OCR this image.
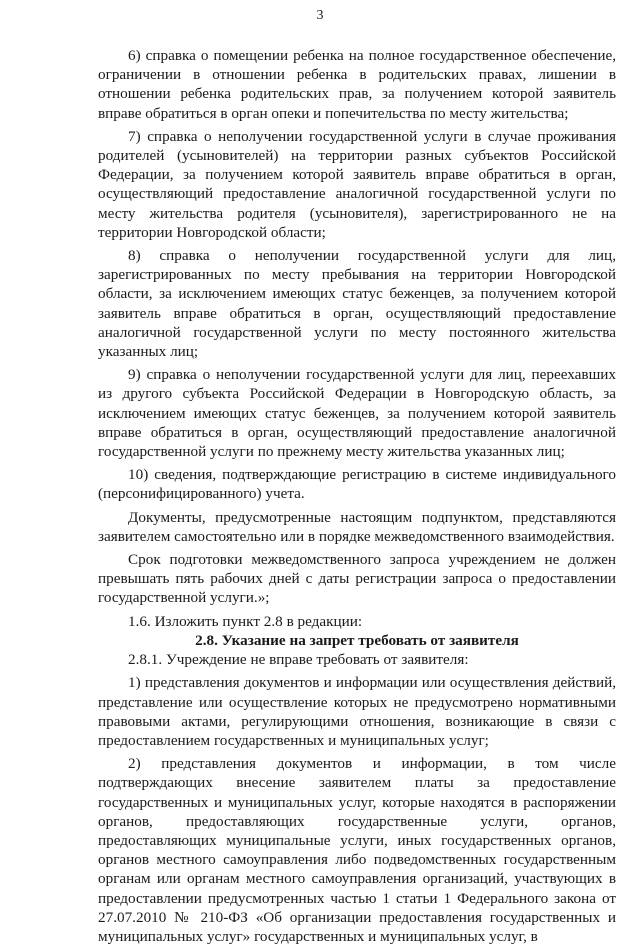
3

6) справка о помещении ребенка на полное государственное обеспечение, ограничении в отношении ребенка в родительских правах, лишении в отношении ребенка родительских прав, за получением которой заявитель вправе обратиться в орган опеки и попечительства по месту жительства;

7) справка о неполучении государственной услуги в случае проживания родителей (усыновителей) на территории разных субъектов Российской Федерации, за получением которой заявитель вправе обратиться в орган, осуществляющий предоставление аналогичной государственной услуги по месту жительства родителя (усыновителя), зарегистрированного не на территории Новгородской области;

8) справка о неполучении государственной услуги для лиц, зарегистрированных по месту пребывания на территории Новгородской области, за исключением имеющих статус беженцев, за получением которой заявитель вправе обратиться в орган, осуществляющий предоставление аналогичной государственной услуги по месту постоянного жительства указанных лиц;

9) справка о неполучении государственной услуги для лиц, переехавших из другого субъекта Российской Федерации в Новгородскую область, за исключением имеющих статус беженцев, за получением которой заявитель вправе обратиться в орган, осуществляющий предоставление аналогичной государственной услуги по прежнему месту жительства указанных лиц;

10) сведения, подтверждающие регистрацию в системе индивидуального (персонифицированного) учета.

Документы, предусмотренные настоящим подпунктом, представляются заявителем самостоятельно или в порядке межведомственного взаимодействия.

Срок подготовки межведомственного запроса учреждением не должен превышать пять рабочих дней с даты регистрации запроса о предоставлении государственной услуги.»;

1.6. Изложить пункт 2.8 в редакции:

2.8. Указание на запрет требовать от заявителя

2.8.1. Учреждение не вправе требовать от заявителя:

1) представления документов и информации или осуществления действий, представление или осуществление которых не предусмотрено нормативными правовыми актами, регулирующими отношения, возникающие в связи с предоставлением государственных и муниципальных услуг;

2) представления документов и информации, в том числе подтверждающих внесение заявителем платы за предоставление государственных и муниципальных услуг, которые находятся в распоряжении органов, предоставляющих государственные услуги, органов, предоставляющих муниципальные услуги, иных государственных органов, органов местного самоуправления либо подведомственных государственным органам или органам местного самоуправления организаций, участвующих в предоставлении предусмотренных частью 1 статьи 1 Федерального закона от 27.07.2010 № 210-ФЗ «Об организации предоставления государственных и муниципальных услуг» государственных и муниципальных услуг, в
